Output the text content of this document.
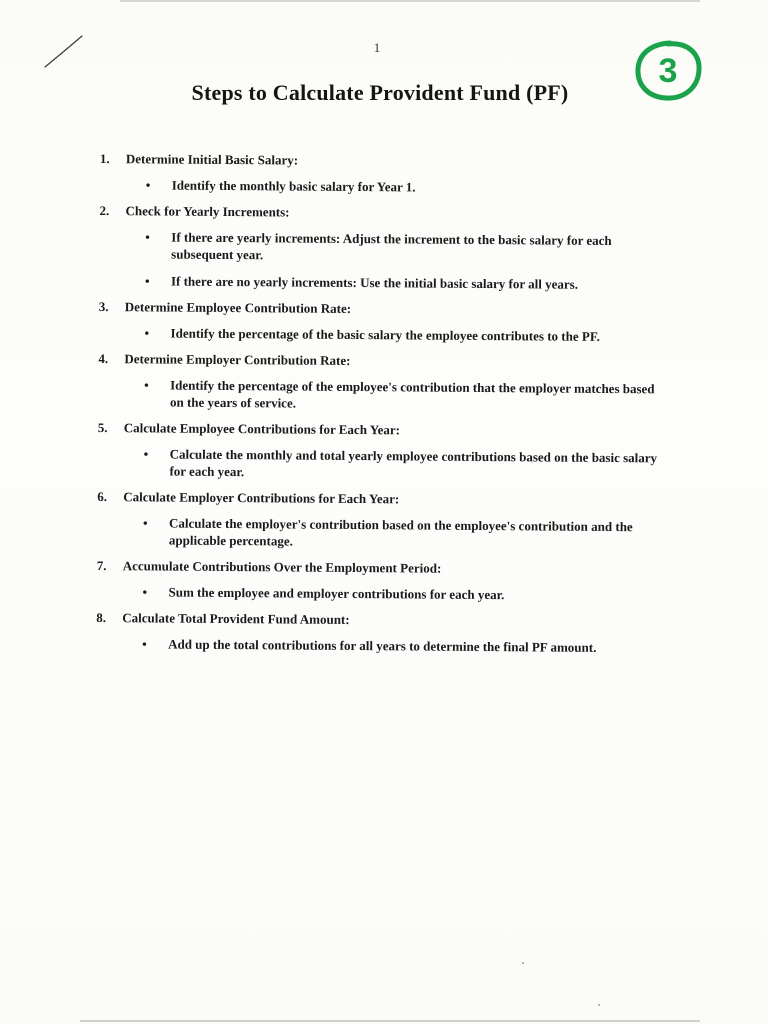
1
3
Steps to Calculate Provident Fund (PF)
1.	Determine Initial Basic Salary:
•	Identify the monthly basic salary for Year 1.
2.	Check for Yearly Increments:
•	If there are yearly increments: Adjust the increment to the basic salary for each subsequent year.
•	If there are no yearly increments: Use the initial basic salary for all years.
3.	Determine Employee Contribution Rate:
•	Identify the percentage of the basic salary the employee contributes to the PF.
4.	Determine Employer Contribution Rate:
•	Identify the percentage of the employee's contribution that the employer matches based on the years of service.
5.	Calculate Employee Contributions for Each Year:
•	Calculate the monthly and total yearly employee contributions based on the basic salary for each year.
6.	Calculate Employer Contributions for Each Year:
•	Calculate the employer's contribution based on the employee's contribution and the applicable percentage.
7.	Accumulate Contributions Over the Employment Period:
•	Sum the employee and employer contributions for each year.
8.	Calculate Total Provident Fund Amount:
•	Add up the total contributions for all years to determine the final PF amount.
